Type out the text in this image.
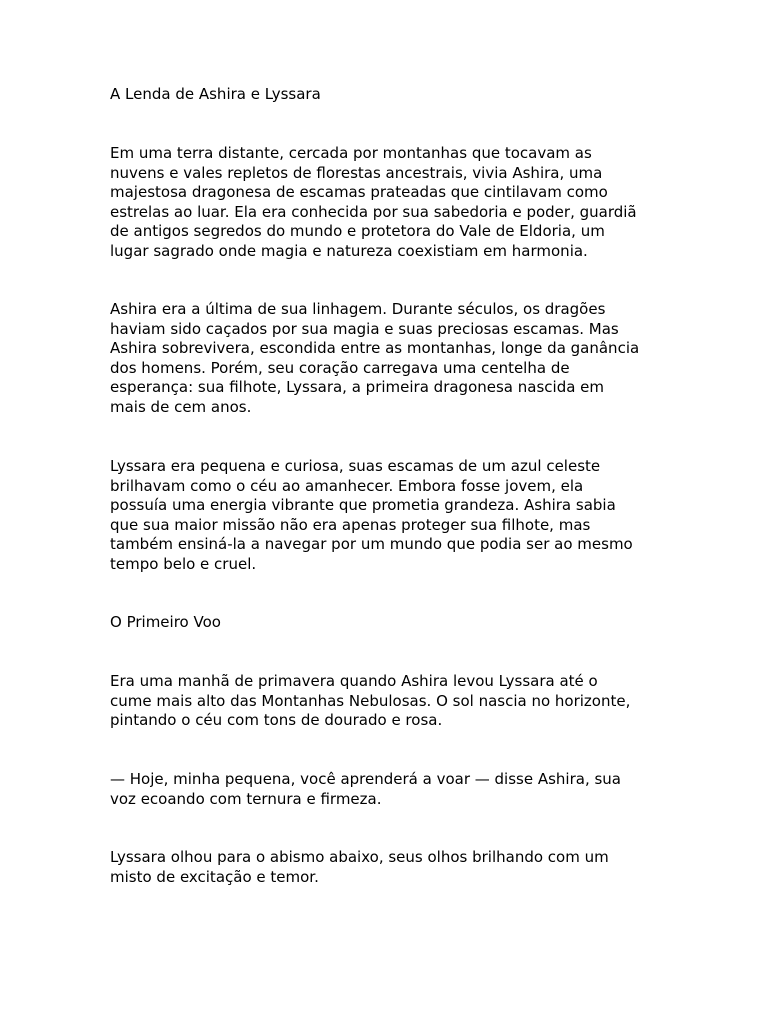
A Lenda de Ashira e Lyssara

Em uma terra distante, cercada por montanhas que tocavam as
nuvens e vales repletos de florestas ancestrais, vivia Ashira, uma
majestosa dragonesa de escamas prateadas que cintilavam como
estrelas ao luar. Ela era conhecida por sua sabedoria e poder, guardiã
de antigos segredos do mundo e protetora do Vale de Eldoria, um
lugar sagrado onde magia e natureza coexistiam em harmonia.

Ashira era a última de sua linhagem. Durante séculos, os dragões
haviam sido caçados por sua magia e suas preciosas escamas. Mas
Ashira sobrevivera, escondida entre as montanhas, longe da ganância
dos homens. Porém, seu coração carregava uma centelha de
esperança: sua filhote, Lyssara, a primeira dragonesa nascida em
mais de cem anos.

Lyssara era pequena e curiosa, suas escamas de um azul celeste
brilhavam como o céu ao amanhecer. Embora fosse jovem, ela
possuía uma energia vibrante que prometia grandeza. Ashira sabia
que sua maior missão não era apenas proteger sua filhote, mas
também ensiná-la a navegar por um mundo que podia ser ao mesmo
tempo belo e cruel.

O Primeiro Voo

Era uma manhã de primavera quando Ashira levou Lyssara até o
cume mais alto das Montanhas Nebulosas. O sol nascia no horizonte,
pintando o céu com tons de dourado e rosa.

— Hoje, minha pequena, você aprenderá a voar — disse Ashira, sua
voz ecoando com ternura e firmeza.

Lyssara olhou para o abismo abaixo, seus olhos brilhando com um
misto de excitação e temor.
